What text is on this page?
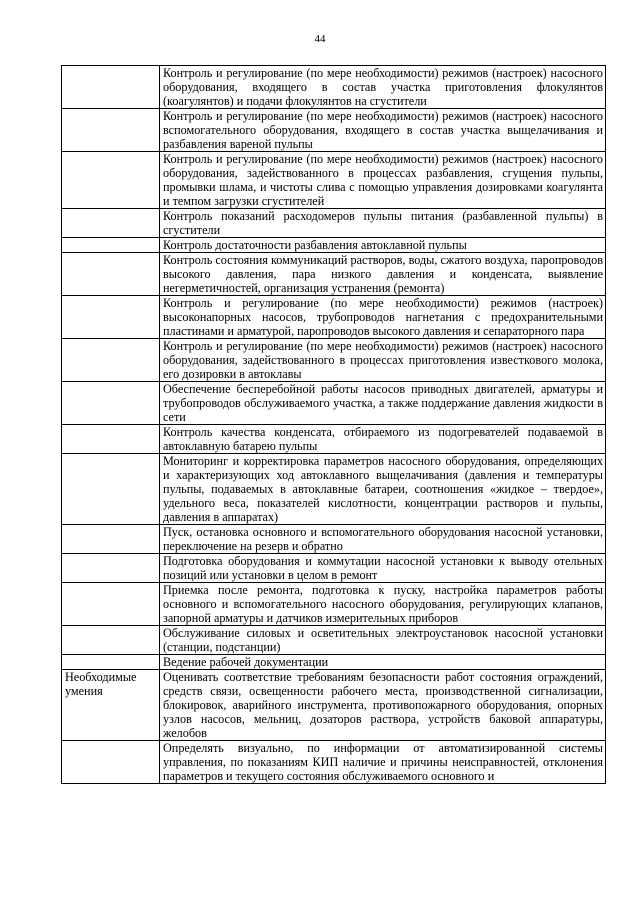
44
	Контроль и регулирование (по мере необходимости) режимов (настроек) насосного оборудования, входящего в состав участка приготовления флокулянтов (коагулянтов) и подачи флокулянтов на сгустители
	Контроль и регулирование (по мере необходимости) режимов (настроек) насосного вспомогательного оборудования, входящего в состав участка выщелачивания и разбавления вареной пульпы
	Контроль и регулирование (по мере необходимости) режимов (настроек) насосного оборудования, задействованного в процессах разбавления, сгущения пульпы, промывки шлама, и чистоты слива с помощью управления дозировками коагулянта и темпом загрузки сгустителей
	Контроль показаний расходомеров пульпы питания (разбавленной пульпы) в сгустители
	Контроль достаточности разбавления автоклавной пульпы
	Контроль состояния коммуникаций растворов, воды, сжатого воздуха, паропроводов высокого давления, пара низкого давления и конденсата, выявление негерметичностей, организация устранения (ремонта)
	Контроль и регулирование (по мере необходимости) режимов (настроек) высоконапорных насосов, трубопроводов нагнетания с предохранительными пластинами и арматурой, паропроводов высокого давления и сепараторного пара
	Контроль и регулирование (по мере необходимости) режимов (настроек) насосного оборудования, задействованного в процессах приготовления известкового молока, его дозировки в автоклавы
	Обеспечение бесперебойной работы насосов приводных двигателей, арматуры и трубопроводов обслуживаемого участка, а также поддержание давления жидкости в сети
	Контроль качества конденсата, отбираемого из подогревателей подаваемой в автоклавную батарею пульпы
	Мониторинг и корректировка параметров насосного оборудования, определяющих и характеризующих ход автоклавного выщелачивания (давления и температуры пульпы, подаваемых в автоклавные батареи, соотношения «жидкое – твердое», удельного веса, показателей кислотности, концентрации растворов и пульпы, давления в аппаратах)
	Пуск, остановка основного и вспомогательного оборудования насосной установки, переключение на резерв и обратно
	Подготовка оборудования и коммутации насосной установки к выводу отельных позиций или установки в целом в ремонт
	Приемка после ремонта, подготовка к пуску, настройка параметров работы основного и вспомогательного насосного оборудования, регулирующих клапанов, запорной арматуры и датчиков измерительных приборов
	Обслуживание силовых и осветительных электроустановок насосной установки (станции, подстанции)
	Ведение рабочей документации
Необходимые умения	Оценивать соответствие требованиям безопасности работ состояния ограждений, средств связи, освещенности рабочего места, производственной сигнализации, блокировок, аварийного инструмента, противопожарного оборудования, опорных узлов насосов, мельниц, дозаторов раствора, устройств баковой аппаратуры, желобов
	Определять визуально, по информации от автоматизированной системы управления, по показаниям КИП наличие и причины неисправностей, отклонения параметров и текущего состояния обслуживаемого основного и
